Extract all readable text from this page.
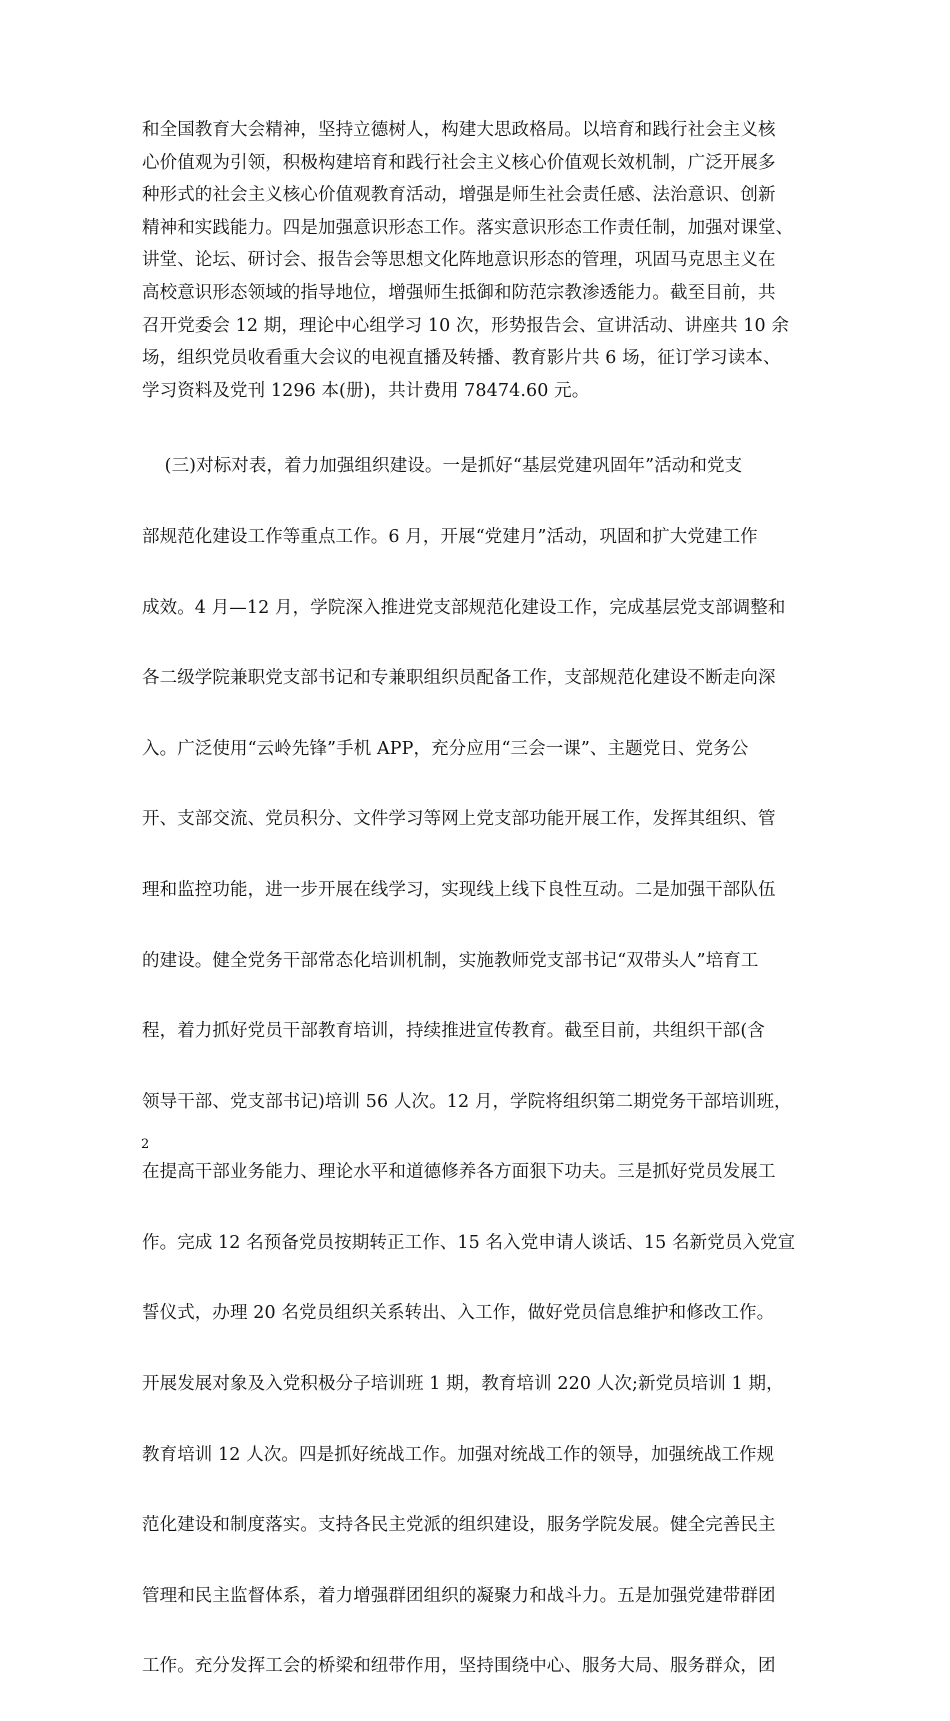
和全国教育大会精神，坚持立德树人，构建大思政格局。以培育和践行社会主义核
心价值观为引领，积极构建培育和践行社会主义核心价值观长效机制，广泛开展多
种形式的社会主义核心价值观教育活动，增强是师生社会责任感、法治意识、创新
精神和实践能力。四是加强意识形态工作。落实意识形态工作责任制，加强对课堂、
讲堂、论坛、研讨会、报告会等思想文化阵地意识形态的管理，巩固马克思主义在
高校意识形态领域的指导地位，增强师生抵御和防范宗教渗透能力。截至目前，共
召开党委会 12 期，理论中心组学习 10 次，形势报告会、宣讲活动、讲座共 10 余
场，组织党员收看重大会议的电视直播及转播、教育影片共 6 场，征订学习读本、
学习资料及党刊 1296 本(册)，共计费用 78474.60 元。

(三)对标对表，着力加强组织建设。一是抓好“基层党建巩固年”活动和党支

部规范化建设工作等重点工作。6 月，开展“党建月”活动，巩固和扩大党建工作

成效。4 月—12 月，学院深入推进党支部规范化建设工作，完成基层党支部调整和

各二级学院兼职党支部书记和专兼职组织员配备工作，支部规范化建设不断走向深

入。广泛使用“云岭先锋”手机 APP，充分应用“三会一课”、主题党日、党务公

开、支部交流、党员积分、文件学习等网上党支部功能开展工作，发挥其组织、管

理和监控功能，进一步开展在线学习，实现线上线下良性互动。二是加强干部队伍

的建设。健全党务干部常态化培训机制，实施教师党支部书记“双带头人”培育工

程，着力抓好党员干部教育培训，持续推进宣传教育。截至目前，共组织干部(含

领导干部、党支部书记)培训 56 人次。12 月，学院将组织第二期党务干部培训班，

在提高干部业务能力、理论水平和道德修养各方面狠下功夫。三是抓好党员发展工

作。完成 12 名预备党员按期转正工作、15 名入党申请人谈话、15 名新党员入党宣

誓仪式，办理 20 名党员组织关系转出、入工作，做好党员信息维护和修改工作。

开展发展对象及入党积极分子培训班 1 期，教育培训 220 人次;新党员培训 1 期，

教育培训 12 人次。四是抓好统战工作。加强对统战工作的领导，加强统战工作规

范化建设和制度落实。支持各民主党派的组织建设，服务学院发展。健全完善民主

管理和民主监督体系，着力增强群团组织的凝聚力和战斗力。五是加强党建带群团

工作。充分发挥工会的桥梁和纽带作用，坚持围绕中心、服务大局、服务群众，团

2
